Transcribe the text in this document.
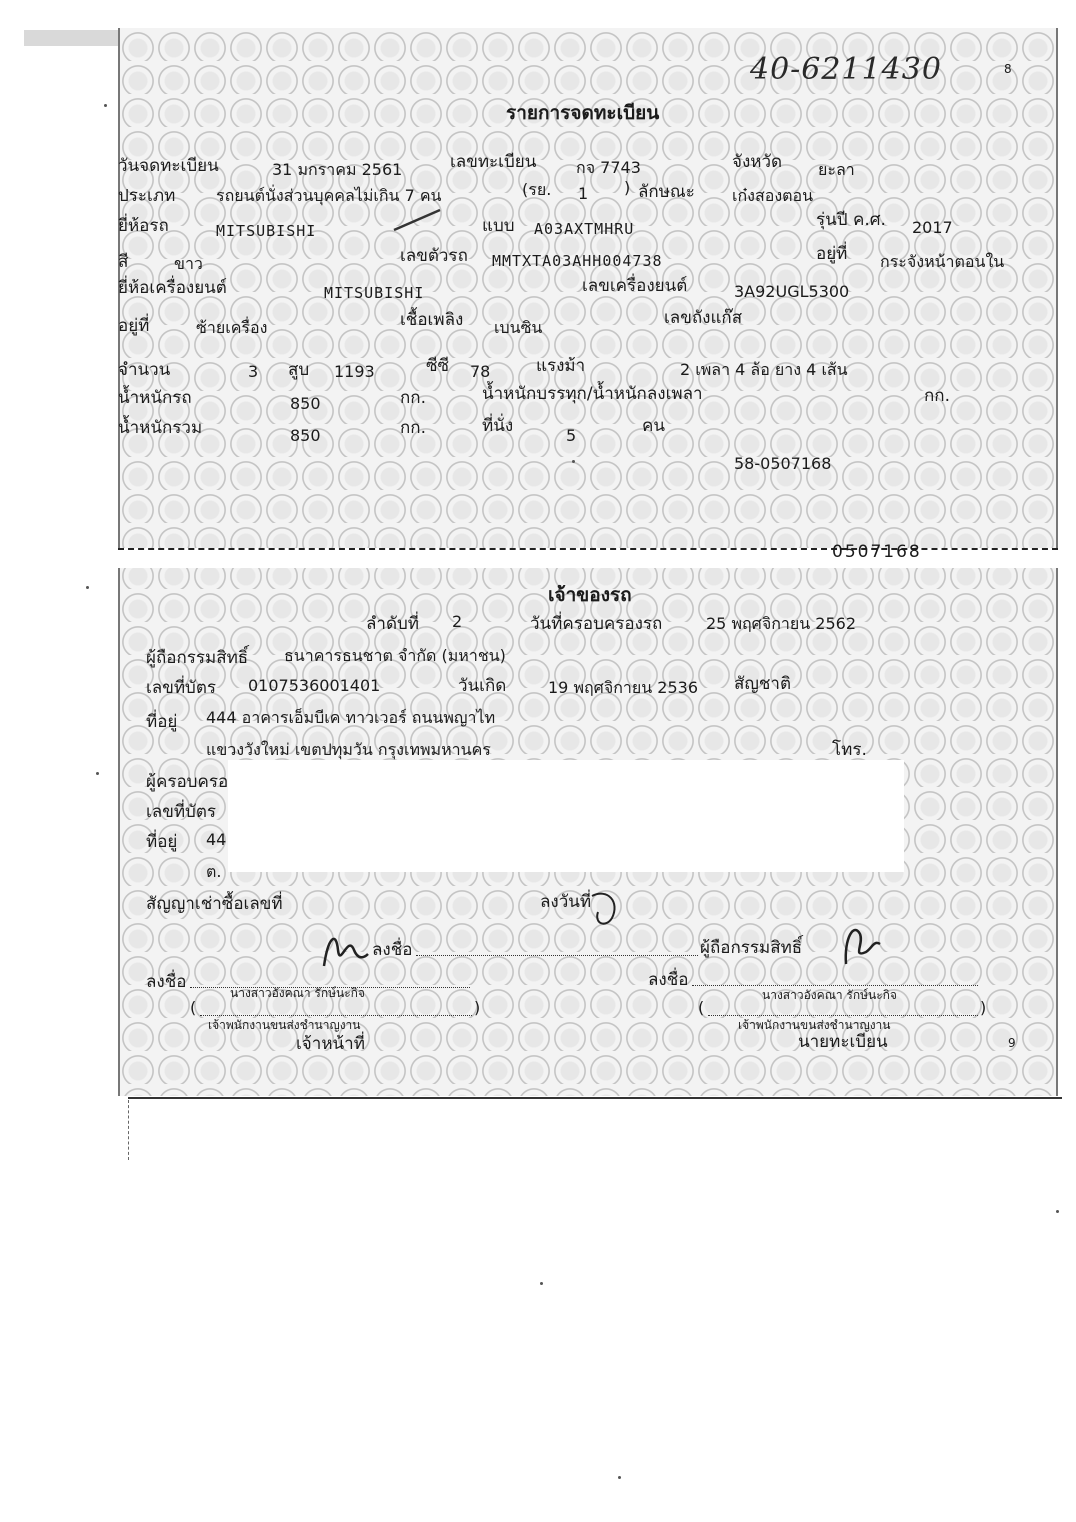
40-6211430	8
รายการจดทะเบียน
วันจดทะเบียน	31 มกราคม 2561	เลขทะเบียน กจ 7743	จังหวัด ยะลา
ประเภท	รถยนต์นั่งส่วนบุคคลไม่เกิน 7 คน	(รย. 1 ) ลักษณะ เก๋งสองตอน
ยี่ห้อรถ	MITSUBISHI	แบบ A03AXTMHRU	รุ่นปี ค.ศ. 2017
สี	ขาว	เลขตัวรถ MMTXTA03AHH004738	อยู่ที่ กระจังหน้าตอนใน
ยี่ห้อเครื่องยนต์	MITSUBISHI	เลขเครื่องยนต์	3A92UGL5300
อยู่ที่	ซ้ายเครื่อง	เชื้อเพลิง เบนซิน	เลขถังแก๊ส
จำนวน	3 สูบ 1193	ซีซี 78	แรงม้า	2 เพลา 4 ล้อ ยาง 4 เส้น
น้ำหนักรถ	850	กก.	น้ำหนักบรรทุก/น้ำหนักลงเพลา	กก.
น้ำหนักรวม	850	กก.	ที่นั่ง	5	คน
58-0507168
0507168
เจ้าของรถ
ลำดับที่ 2	วันที่ครอบครองรถ	25 พฤศจิกายน 2562
ผู้ถือกรรมสิทธิ์ ธนาคารธนชาต จำกัด (มหาชน)
เลขที่บัตร 0107536001401	วันเกิด	19 พฤศจิกายน 2536 สัญชาติ
ที่อยู่ 444 อาคารเอ็มบีเค ทาวเวอร์ ถนนพญาไท
แขวงวังใหม่ เขตปทุมวัน กรุงเทพมหานคร	โทร.
ผู้ครอบครอ
เลขที่บัตร
ที่อยู่ 44
ต.
สัญญาเช่าซื้อเลขที่	ลงวันที่
ลงชื่อ	ผู้ถือกรรมสิทธิ์
ลงชื่อ	ลงชื่อ
นางสาวอังคณา รักษ์นะกิจ	นางสาวอังคณา รักษ์นะกิจ
(	)	(	)
เจ้าพนักงานขนส่งชำนาญงาน	เจ้าพนักงานขนส่งชำนาญงาน
เจ้าหน้าที่	นายทะเบียน	9
